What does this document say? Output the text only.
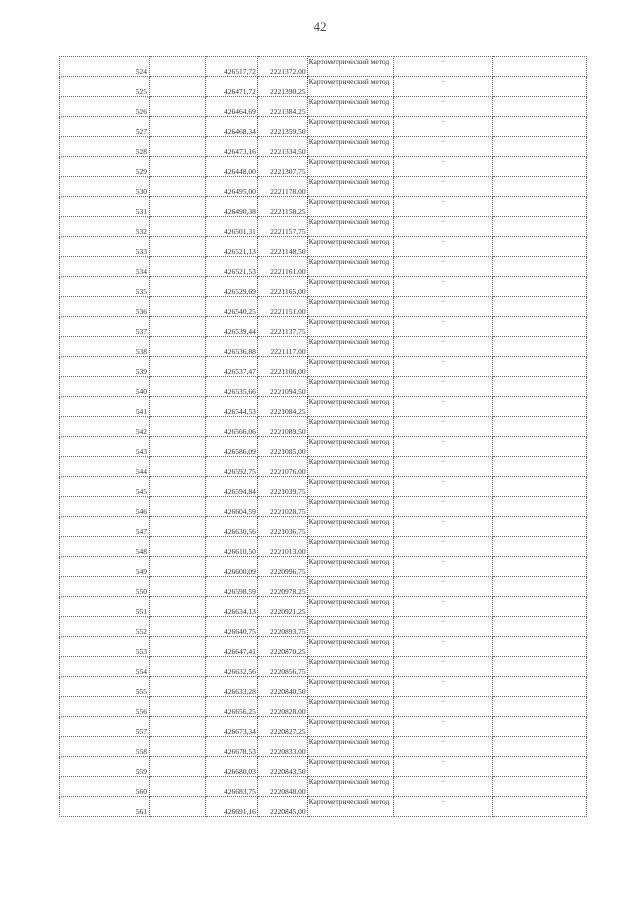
42
524		426517,72	2221372,00	Картометрический метод	–	
525		426471,72	2221390,25	Картометрический метод	–	
526		426464,69	2221384,25	Картометрический метод	–	
527		426468,34	2221359,50	Картометрический метод	–	
528		426473,16	2221334,50	Картометрический метод	–	
529		426448,00	2221307,75	Картометрический метод	–	
530		426495,00	2221178,00	Картометрический метод	–	
531		426490,38	2221158,25	Картометрический метод	–	
532		426501,31	2221157,75	Картометрический метод	–	
533		426521,13	2221148,50	Картометрический метод	–	
534		426521,53	2221161,00	Картометрический метод	–	
535		426529,69	2221165,00	Картометрический метод	–	
536		426540,25	2221151,00	Картометрический метод	–	
537		426539,44	2221137,75	Картометрический метод	–	
538		426536,88	2221117,00	Картометрический метод	–	
539		426537,47	2221106,00	Картометрический метод	–	
540		426535,66	2221094,50	Картометрический метод	–	
541		426544,53	2221084,25	Картометрический метод	–	
542		426566,06	2221089,50	Картометрический метод	–	
543		426586,09	2221085,00	Картометрический метод	–	
544		426592,75	2221076,00	Картометрический метод	–	
545		426594,84	2221039,75	Картометрический метод	–	
546		426604,59	2221028,75	Картометрический метод	–	
547		426630,56	2221036,75	Картометрический метод	–	
548		426610,50	2221013,00	Картометрический метод	–	
549		426600,09	2220996,75	Картометрический метод	–	
550		426598,59	2220978,25	Картометрический метод	–	
551		426634,13	2220921,25	Картометрический метод	–	
552		426640,75	2220893,75	Картометрический метод	–	
553		426647,41	2220870,25	Картометрический метод	–	
554		426632,56	2220856,75	Картометрический метод	–	
555		426633,28	2220840,50	Картометрический метод	–	
556		426656,25	2220828,00	Картометрический метод	–	
557		426673,34	2220827,25	Картометрический метод	–	
558		426678,53	2220833,00	Картометрический метод	–	
559		426680,03	2220843,50	Картометрический метод	–	
560		426683,75	2220848,00	Картометрический метод	–	
561		426691,16	2220845,00	Картометрический метод	–	
